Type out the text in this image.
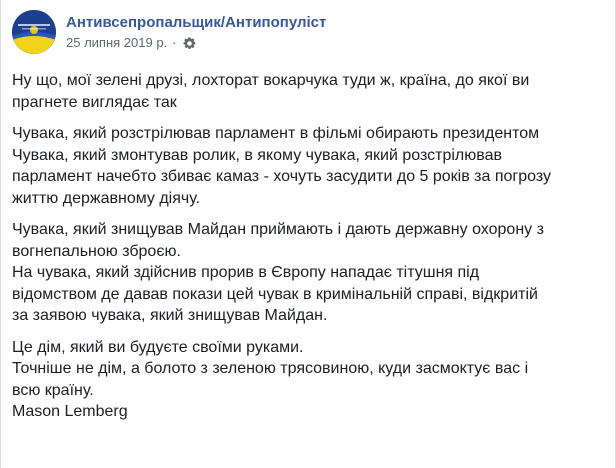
Антивсепропальщик/Антипопуліст
25 липня 2019 р. ·
Ну що, мої зелені друзі, лохторат вокарчука туди ж, країна, до якої ви
прагнете виглядає так
Чувака, який розстрілював парламент в фільмі обирають президентом
Чувака, який змонтував ролик, в якому чувака, який розстрілював
парламент начебто збиває камаз - хочуть засудити до 5 років за погрозу
життю державному діячу.
Чувака, який знищував Майдан приймають і дають державну охорону з
вогнепальною зброєю.
На чувака, який здійснив прорив в Європу нападає тітушня під
відомством де давав покази цей чувак в кримінальній справі, відкритій
за заявою чувака, який знищував Майдан.
Це дім, який ви будуєте своїми руками.
Точніше не дім, а болото з зеленою трясовиною, куди засмоктує вас і
всю країну.
Mason Lemberg
